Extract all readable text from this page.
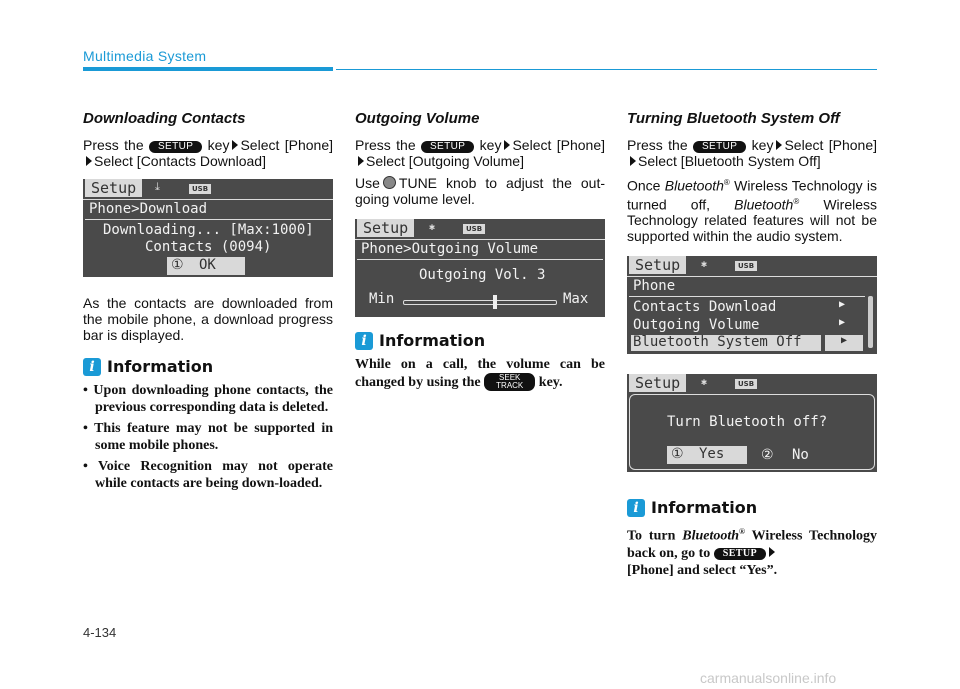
Multimedia System
Downloading Contacts

Press the SETUP key Select [Phone]Select [Contacts Download]

Setup	⤓	USB
Phone>Download
Downloading... [Max:1000]
Contacts (0094)
① OK

As the contacts are downloaded from the mobile phone, a download progress bar is displayed.

i Information
• Upon downloading phone contacts, the previous corresponding data is deleted.
• This feature may not be supported in some mobile phones.
• Voice Recognition may not operate while contacts are being down-loaded.
Outgoing Volume

Press the SETUP key Select [Phone]Select [Outgoing Volume]

Use TUNE knob to adjust the out-going volume level.

Setup	✱	USB
Phone>Outgoing Volume
Outgoing Vol. 3
Min	Max
i Information

While on a call, the volume can be changed by using the SEEK
TRACK key.

Turning Bluetooth System Off

Press the SETUP key Select [Phone]Select [Bluetooth System Off]

Once Bluetooth® Wireless Technology is turned off, Bluetooth® Wireless Technology related features will not be supported within the audio system.

Setup	✱	USB
Phone
Contacts Download	▶
Outgoing Volume	▶
Bluetooth System Off	▶
Setup	✱	USB
Turn Bluetooth off?
① Yes	② No
i Information

To turn Bluetooth® Wireless Technology back on, go to SETUP
[Phone] and select “Yes”.

4-134
carmanualsonline.info
